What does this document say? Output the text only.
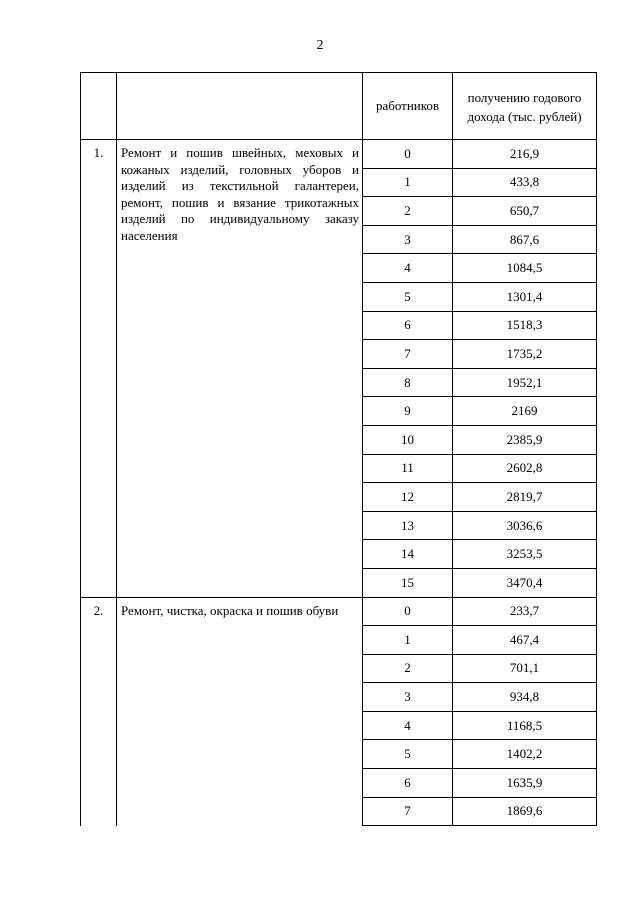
2
		работников	получению годового дохода (тыс. рублей)
1.	Ремонт и пошив швейных, меховых и кожаных изделий, головных уборов и изделий из текстильной галантереи, ремонт, пошив и вязание трикотажных изделий по индивидуальному заказу населения	0	216,9
		1	433,8
		2	650,7
		3	867,6
		4	1084,5
		5	1301,4
		6	1518,3
		7	1735,2
		8	1952,1
		9	2169
		10	2385,9
		11	2602,8
		12	2819,7
		13	3036,6
		14	3253,5
		15	3470,4
2.	Ремонт, чистка, окраска и пошив обуви	0	233,7
		1	467,4
		2	701,1
		3	934,8
		4	1168,5
		5	1402,2
		6	1635,9
		7	1869,6
